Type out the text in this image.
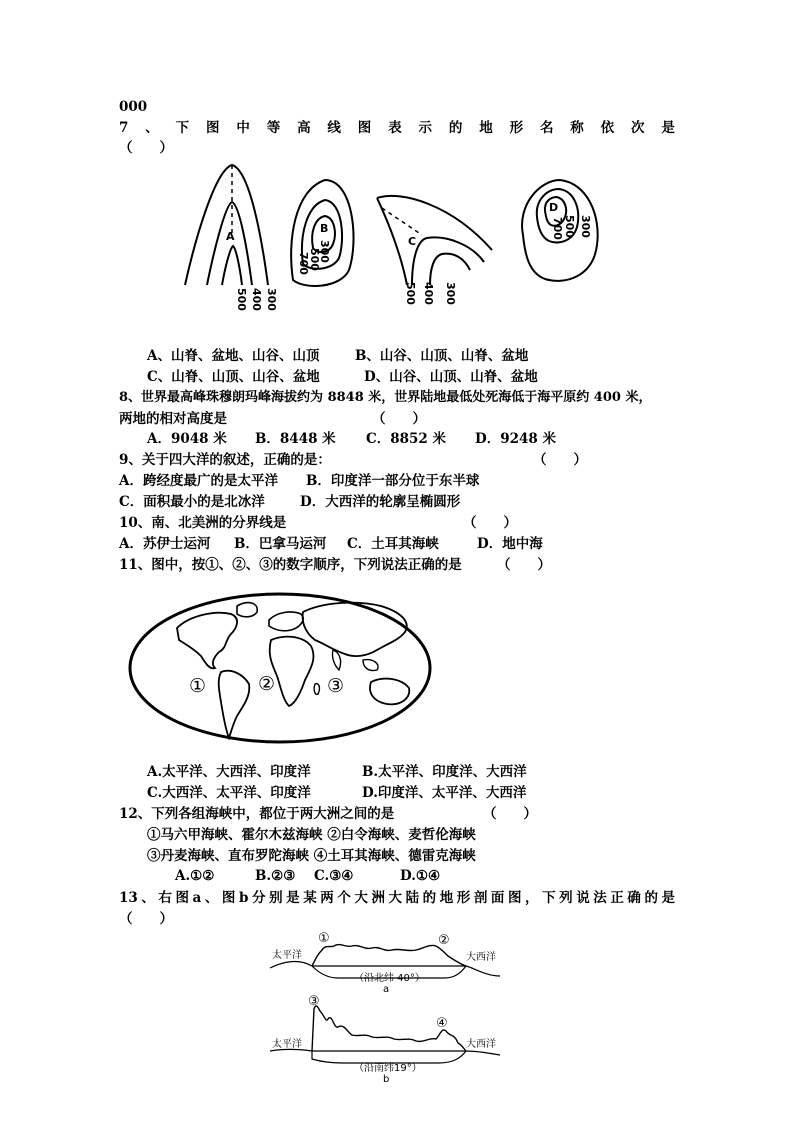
000
7 、 下 图 中 等 高 线 图 表 示 的 地 形 名 称 依 次 是
（　　）
A
500 400 300
B
300
500
700
C
500 400 300
D
700 500 300
A、山脊、盆地、山谷、山顶	B、山谷、山顶、山脊、盆地
C、山脊、山顶、山谷、盆地	D、山谷、山顶、山脊、盆地
8、世界最高峰珠穆朗玛峰海拔约为 8848 米，世界陆地最低处死海低于海平原约 400 米，
两地的相对高度是	（　　）
A．9048 米 B．8448 米 C．8852 米 D．9248 米
9、关于四大洋的叙述，正确的是：	（　　）
A．跨经度最广的是太平洋 B．印度洋一部分位于东半球
C．面积最小的是北冰洋	D．大西洋的轮廓呈椭圆形
10、南、北美洲的分界线是	（　　）
A．苏伊士运河 B．巴拿马运河 C．土耳其海峡	D．地中海
11、图中，按①、②、③的数字顺序，下列说法正确的是	（　　）
①	②	③
A.太平洋、大西洋、印度洋	B.太平洋、印度洋、大西洋
C.大西洋、太平洋、印度洋	D.印度洋、太平洋、大西洋
12、下列各组海峡中，都位于两大洲之间的是	（　　）
①马六甲海峡、霍尔木兹海峡 ②白令海峡、麦哲伦海峡
③丹麦海峡、直布罗陀海峡 ④土耳其海峡、德雷克海峡
A.①②	B.②③ C.③④	D.①④
13 、 右 图 a 、 图 b 分 别 是 某 两 个 大 洲 大 陆 的 地 形 剖 面 图 ， 下 列 说 法 正 确 的 是
（　　）
太平洋	大西洋
（沿北纬 40°）
a
①	②
太平洋	大西洋
（沿南纬19°）
b
③
④
